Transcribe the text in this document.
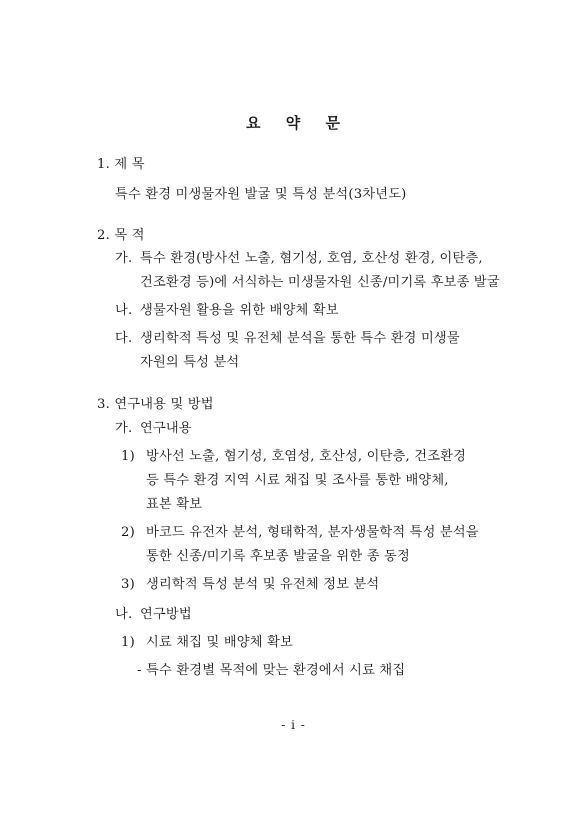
요 약 문
1. 제 목
특수 환경 미생물자원 발굴 및 특성 분석(3차년도)
2. 목 적
가. 특수 환경(방사선 노출, 혐기성, 호염, 호산성 환경, 이탄층,
건조환경 등)에 서식하는 미생물자원 신종/미기록 후보종 발굴
나. 생물자원 활용을 위한 배양체 확보
다. 생리학적 특성 및 유전체 분석을 통한 특수 환경 미생물
자원의 특성 분석
3. 연구내용 및 방법
가. 연구내용
1) 방사선 노출, 혐기성, 호염성, 호산성, 이탄층, 건조환경
등 특수 환경 지역 시료 채집 및 조사를 통한 배양체,
표본 확보
2) 바코드 유전자 분석, 형태학적, 분자생물학적 특성 분석을
통한 신종/미기록 후보종 발굴을 위한 종 동정
3) 생리학적 특성 분석 및 유전체 정보 분석
나. 연구방법
1) 시료 채집 및 배양체 확보
- 특수 환경별 목적에 맞는 환경에서 시료 채집
- i -
